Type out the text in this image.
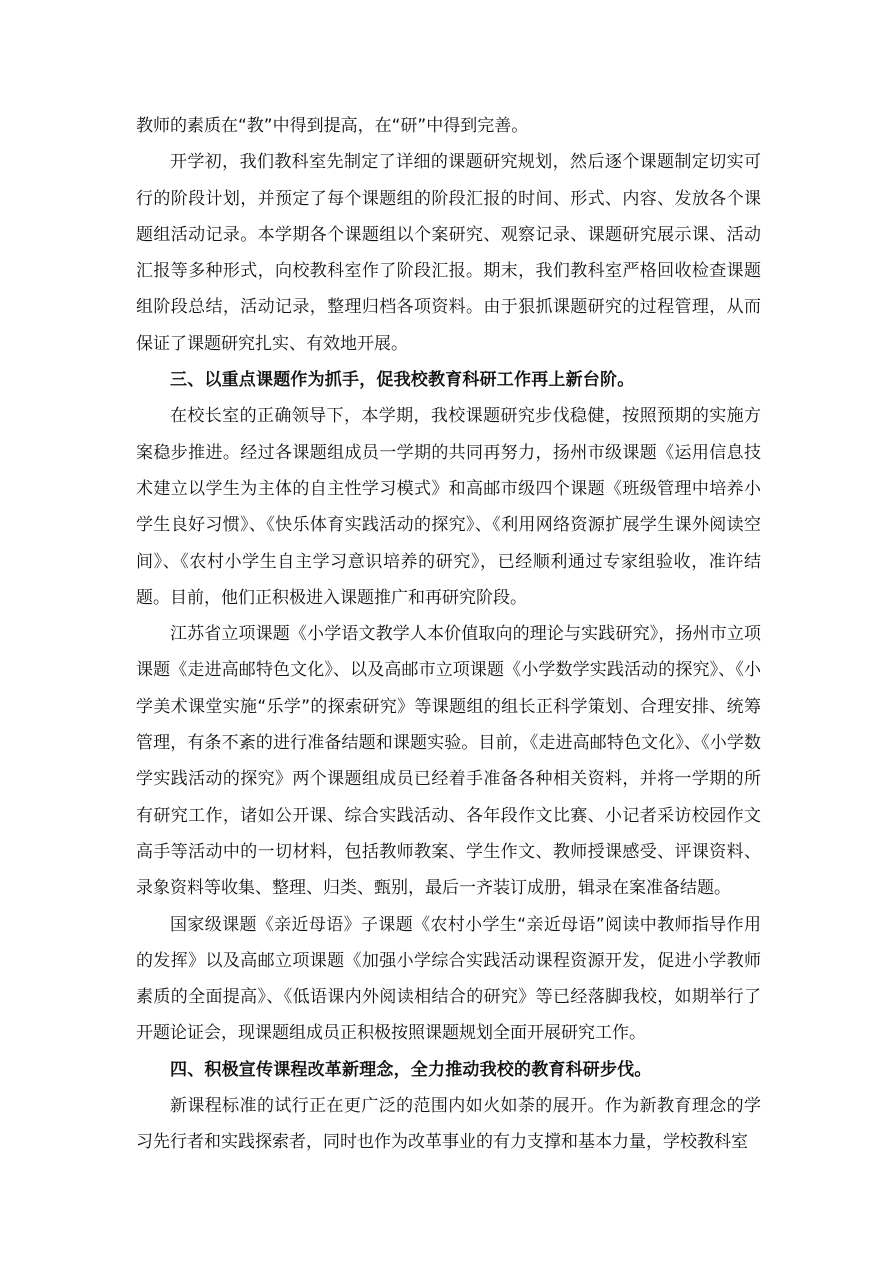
教师的素质在“教”中得到提高，在“研”中得到完善。

开学初，我们教科室先制定了详细的课题研究规划，然后逐个课题制定切实可行的阶段计划，并预定了每个课题组的阶段汇报的时间、形式、内容、发放各个课题组活动记录。本学期各个课题组以个案研究、观察记录、课题研究展示课、活动汇报等多种形式，向校教科室作了阶段汇报。期末，我们教科室严格回收检查课题组阶段总结，活动记录，整理归档各项资料。由于狠抓课题研究的过程管理，从而保证了课题研究扎实、有效地开展。

三、以重点课题作为抓手，促我校教育科研工作再上新台阶。

在校长室的正确领导下，本学期，我校课题研究步伐稳健，按照预期的实施方案稳步推进。经过各课题组成员一学期的共同再努力，扬州市级课题《运用信息技术建立以学生为主体的自主性学习模式》和高邮市级四个课题《班级管理中培养小学生良好习惯》、《快乐体育实践活动的探究》、《利用网络资源扩展学生课外阅读空间》、《农村小学生自主学习意识培养的研究》，已经顺利通过专家组验收，准许结题。目前，他们正积极进入课题推广和再研究阶段。

江苏省立项课题《小学语文教学人本价值取向的理论与实践研究》，扬州市立项课题《走进高邮特色文化》、以及高邮市立项课题《小学数学实践活动的探究》、《小学美术课堂实施“乐学”的探索研究》等课题组的组长正科学策划、合理安排、统筹管理，有条不紊的进行准备结题和课题实验。目前，《走进高邮特色文化》、《小学数学实践活动的探究》两个课题组成员已经着手准备各种相关资料，并将一学期的所有研究工作，诸如公开课、综合实践活动、各年段作文比赛、小记者采访校园作文高手等活动中的一切材料，包括教师教案、学生作文、教师授课感受、评课资料、录象资料等收集、整理、归类、甄别，最后一齐装订成册，辑录在案准备结题。

国家级课题《亲近母语》子课题《农村小学生“亲近母语”阅读中教师指导作用的发挥》以及高邮立项课题《加强小学综合实践活动课程资源开发，促进小学教师素质的全面提高》、《低语课内外阅读相结合的研究》等已经落脚我校，如期举行了开题论证会，现课题组成员正积极按照课题规划全面开展研究工作。

四、积极宣传课程改革新理念，全力推动我校的教育科研步伐。

新课程标准的试行正在更广泛的范围内如火如荼的展开。作为新教育理念的学习先行者和实践探索者，同时也作为改革事业的有力支撑和基本力量，学校教科室
